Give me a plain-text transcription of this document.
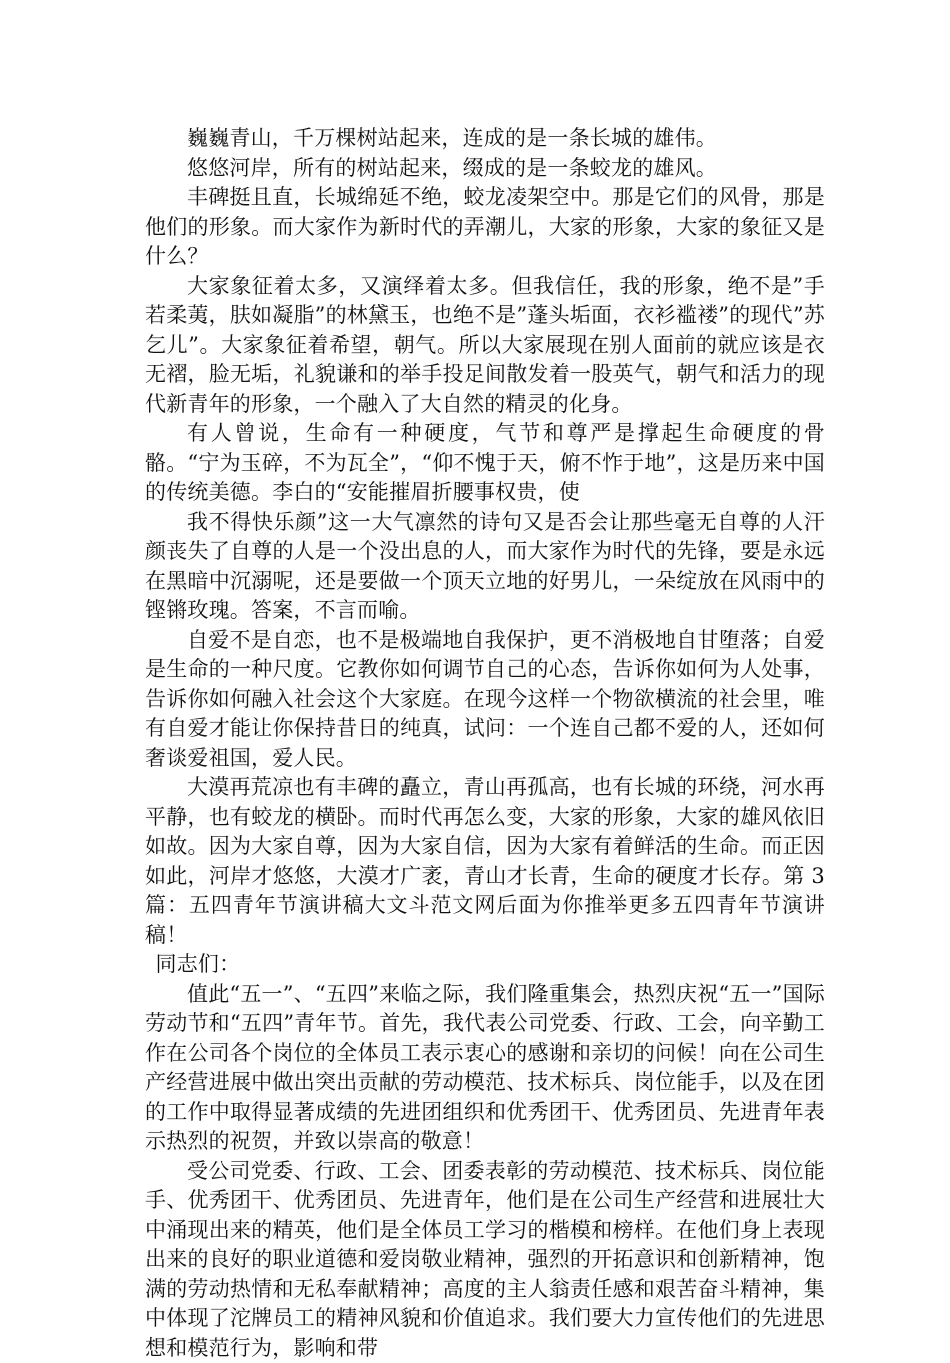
巍巍青山，千万棵树站起来，连成的是一条长城的雄伟。

悠悠河岸，所有的树站起来，缀成的是一条蛟龙的雄风。

丰碑挺且直，长城绵延不绝，蛟龙凌架空中。那是它们的风骨，那是他们的形象。而大家作为新时代的弄潮儿，大家的形象，大家的象征又是什么？

大家象征着太多，又演绎着太多。但我信任，我的形象，绝不是”手若柔荑，肤如凝脂”的林黛玉，也绝不是”蓬头垢面，衣衫褴褛”的现代”苏乞儿”。大家象征着希望，朝气。所以大家展现在别人面前的就应该是衣无褶，脸无垢，礼貌谦和的举手投足间散发着一股英气，朝气和活力的现代新青年的形象，一个融入了大自然的精灵的化身。

有人曾说，生命有一种硬度，气节和尊严是撑起生命硬度的骨骼。“宁为玉碎，不为瓦全”，“仰不愧于天，俯不怍于地”，这是历来中国的传统美德。李白的“安能摧眉折腰事权贵，使

我不得快乐颜”这一大气凛然的诗句又是否会让那些毫无自尊的人汗颜丧失了自尊的人是一个没出息的人，而大家作为时代的先锋，要是永远在黑暗中沉溺呢，还是要做一个顶天立地的好男儿，一朵绽放在风雨中的铿锵玫瑰。答案，不言而喻。

自爱不是自恋，也不是极端地自我保护，更不消极地自甘堕落；自爱是生命的一种尺度。它教你如何调节自己的心态，告诉你如何为人处事，告诉你如何融入社会这个大家庭。在现今这样一个物欲横流的社会里，唯有自爱才能让你保持昔日的纯真，试问：一个连自己都不爱的人，还如何奢谈爱祖国，爱人民。

大漠再荒凉也有丰碑的矗立，青山再孤高，也有长城的环绕，河水再平静，也有蛟龙的横卧。而时代再怎么变，大家的形象，大家的雄风依旧如故。因为大家自尊，因为大家自信，因为大家有着鲜活的生命。而正因如此，河岸才悠悠，大漠才广袤，青山才长青，生命的硬度才长存。第 3 篇：五四青年节演讲稿大文斗范文网后面为你推举更多五四青年节演讲稿！

同志们：

值此“五一”、“五四”来临之际，我们隆重集会，热烈庆祝“五一”国际劳动节和“五四”青年节。首先，我代表公司党委、行政、工会，向辛勤工作在公司各个岗位的全体员工表示衷心的感谢和亲切的问候！向在公司生产经营进展中做出突出贡献的劳动模范、技术标兵、岗位能手，以及在团的工作中取得显著成绩的先进团组织和优秀团干、优秀团员、先进青年表示热烈的祝贺，并致以崇高的敬意！

受公司党委、行政、工会、团委表彰的劳动模范、技术标兵、岗位能手、优秀团干、优秀团员、先进青年，他们是在公司生产经营和进展壮大中涌现出来的精英，他们是全体员工学习的楷模和榜样。在他们身上表现出来的良好的职业道德和爱岗敬业精神，强烈的开拓意识和创新精神，饱满的劳动热情和无私奉献精神；高度的主人翁责任感和艰苦奋斗精神，集中体现了沱牌员工的精神风貌和价值追求。我们要大力宣传他们的先进思想和模范行为，影响和带
